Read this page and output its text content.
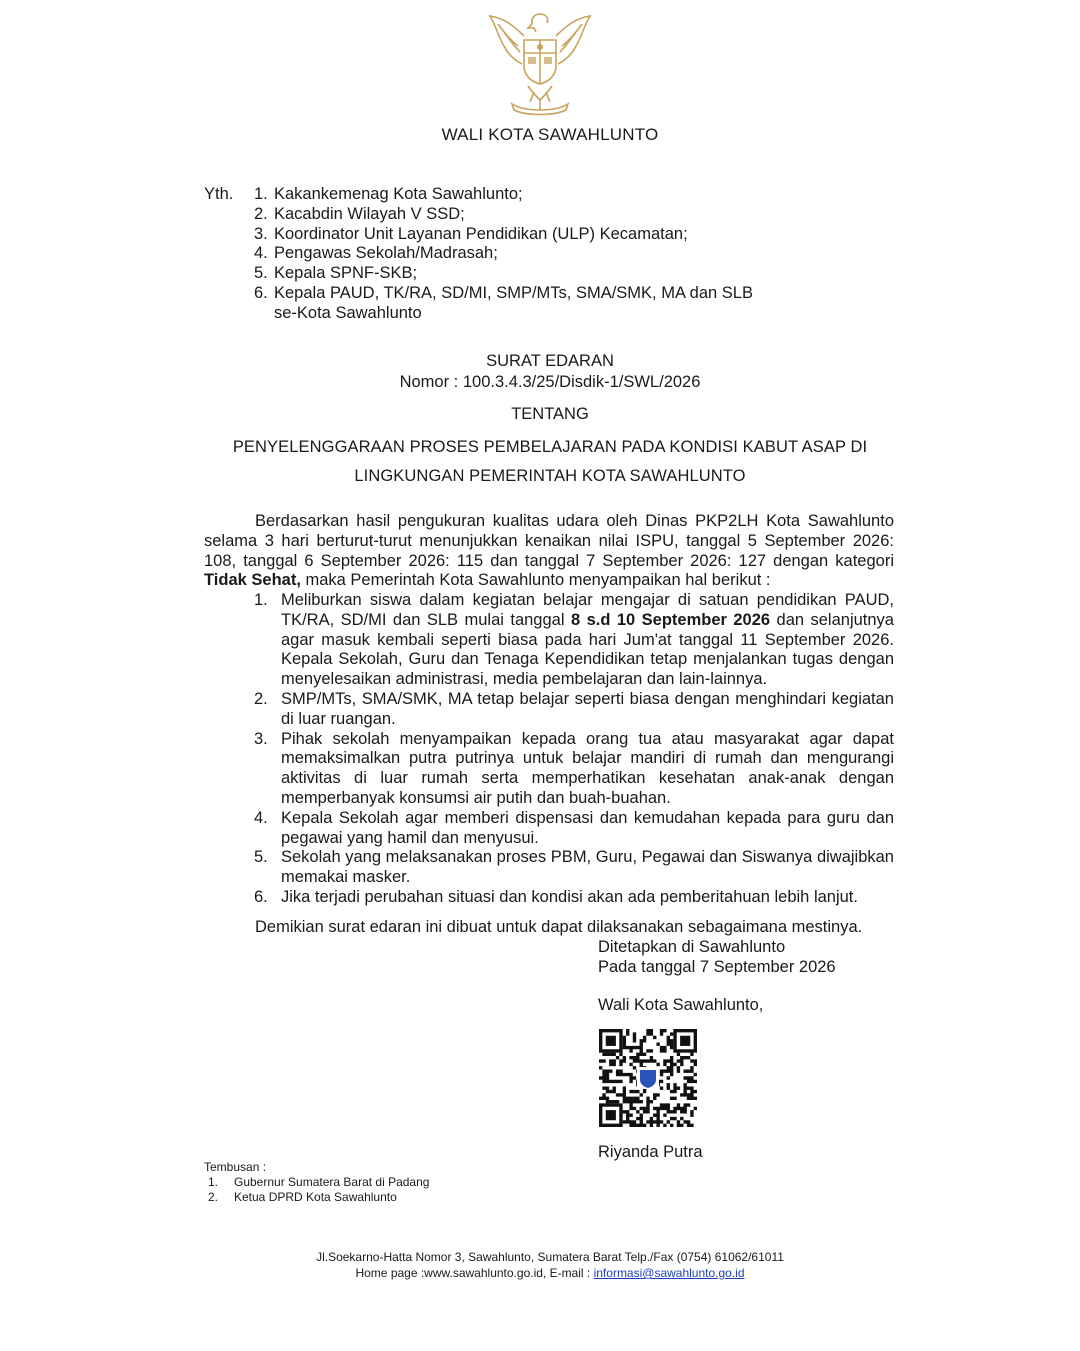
WALI KOTA SAWAHLUNTO
Yth. 1. Kakankemenag Kota Sawahlunto;
2. Kacabdin Wilayah V SSD;
3. Koordinator Unit Layanan Pendidikan (ULP) Kecamatan;
4. Pengawas Sekolah/Madrasah;
5. Kepala SPNF-SKB;
6. Kepala PAUD, TK/RA, SD/MI, SMP/MTs, SMA/SMK, MA dan SLB
se-Kota Sawahlunto
SURAT EDARAN
Nomor : 100.3.4.3/25/Disdik-1/SWL/2026
TENTANG
PENYELENGGARAAN PROSES PEMBELAJARAN PADA KONDISI KABUT ASAP DI
LINGKUNGAN PEMERINTAH KOTA SAWAHLUNTO
Berdasarkan hasil pengukuran kualitas udara oleh Dinas PKP2LH Kota Sawahlunto selama 3 hari berturut-turut menunjukkan kenaikan nilai ISPU, tanggal 5 September 2026: 108, tanggal 6 September 2026: 115 dan tanggal 7 September 2026: 127 dengan kategori Tidak Sehat, maka Pemerintah Kota Sawahlunto menyampaikan hal berikut :
1. Meliburkan siswa dalam kegiatan belajar mengajar di satuan pendidikan PAUD, TK/RA, SD/MI dan SLB mulai tanggal 8 s.d 10 September 2026 dan selanjutnya agar masuk kembali seperti biasa pada hari Jum'at tanggal 11 September 2026. Kepala Sekolah, Guru dan Tenaga Kependidikan tetap menjalankan tugas dengan menyelesaikan administrasi, media pembelajaran dan lain-lainnya.
2. SMP/MTs, SMA/SMK, MA tetap belajar seperti biasa dengan menghindari kegiatan di luar ruangan.
3. Pihak sekolah menyampaikan kepada orang tua atau masyarakat agar dapat memaksimalkan putra putrinya untuk belajar mandiri di rumah dan mengurangi aktivitas di luar rumah serta memperhatikan kesehatan anak-anak dengan memperbanyak konsumsi air putih dan buah-buahan.
4. Kepala Sekolah agar memberi dispensasi dan kemudahan kepada para guru dan pegawai yang hamil dan menyusui.
5. Sekolah yang melaksanakan proses PBM, Guru, Pegawai dan Siswanya diwajibkan memakai masker.
6. Jika terjadi perubahan situasi dan kondisi akan ada pemberitahuan lebih lanjut.
Demikian surat edaran ini dibuat untuk dapat dilaksanakan sebagaimana mestinya.
Ditetapkan di Sawahlunto
Pada tanggal 7 September 2026
Wali Kota Sawahlunto,
Riyanda Putra
Tembusan :
1.	Gubernur Sumatera Barat di Padang
2.	Ketua DPRD Kota Sawahlunto
Jl.Soekarno-Hatta Nomor 3, Sawahlunto, Sumatera Barat Telp./Fax (0754) 61062/61011
Home page :www.sawahlunto.go.id, E-mail : informasi@sawahlunto.go.id
